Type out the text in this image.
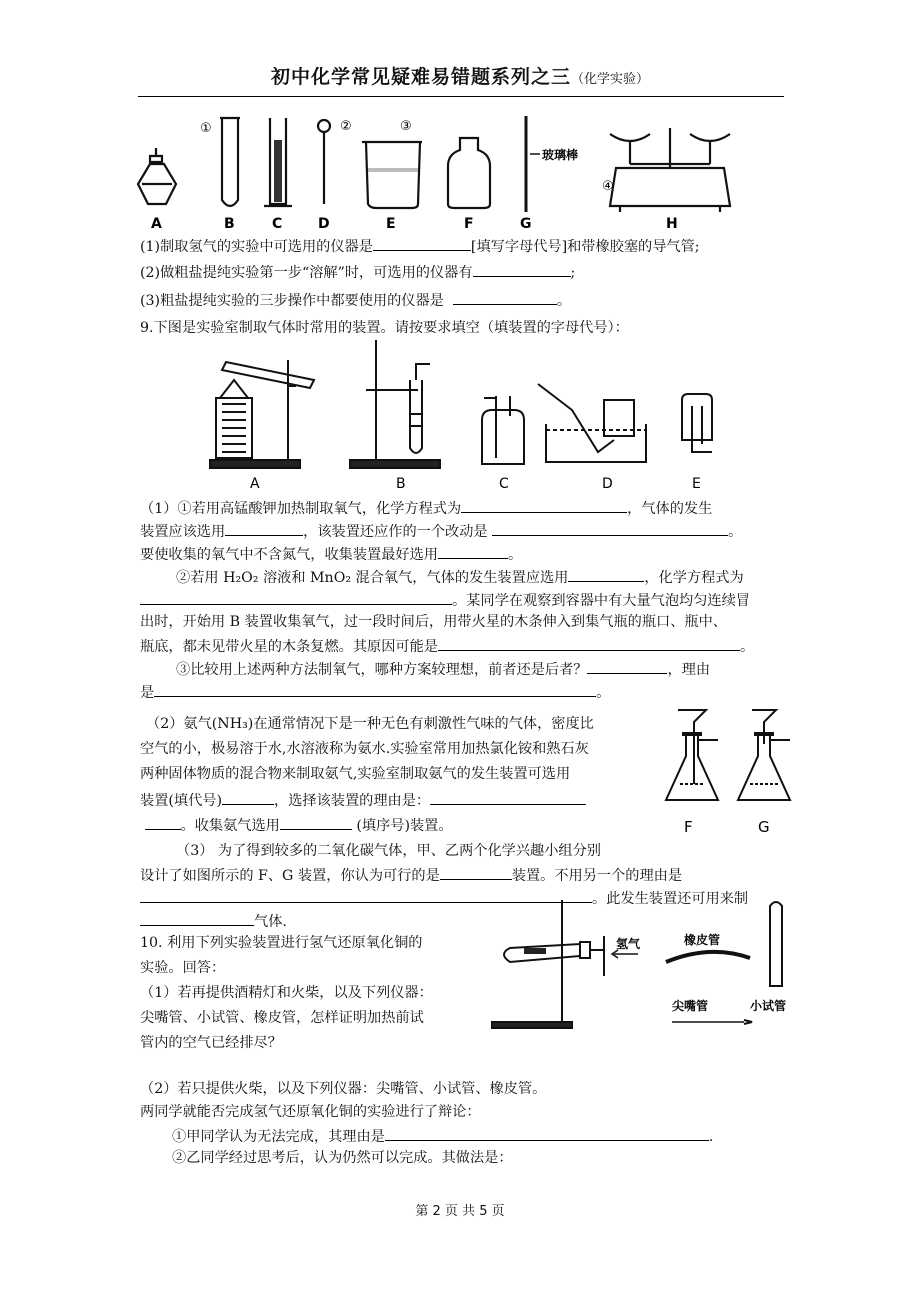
初中化学常见疑难易错题系列之三（化学实验）
①	②	③
④
玻璃棒
A	B	C	D	E	F	G	H
(1)制取氢气的实验中可选用的仪器是	[填写字母代号]和带橡胶塞的导气管;
(2)做粗盐提纯实验第一步“溶解”时，可选用的仪器有	;
(3)粗盐提纯实验的三步操作中都要使用的仪器是	。
9.下图是实验室制取气体时常用的装置。请按要求填空（填装置的字母代号）：
A	B	C	D	E
（1）①若用高锰酸钾加热制取氧气，化学方程式为	，气体的发生
装置应该选用	，该装置还应作的一个改动是	。
要使收集的氧气中不含氮气，收集装置最好选用	。
②若用 H₂O₂ 溶液和 MnO₂ 混合氧气，气体的发生装置应选用	，化学方程式为
。某同学在观察到容器中有大量气泡均匀连续冒
出时，开始用 B 装置收集氧气，过一段时间后，用带火星的木条伸入到集气瓶的瓶口、瓶中、
瓶底，都未见带火星的木条复燃。其原因可能是	。
③比较用上述两种方法制氧气，哪种方案较理想，前者还是后者？	，理由
是	。
（2）氨气(NH₃)在通常情况下是一种无色有刺激性气味的气体，密度比
空气的小，极易溶于水,水溶液称为氨水.实验室常用加热氯化铵和熟石灰
两种固体物质的混合物来制取氨气,实验室制取氨气的发生装置可选用
装置(填代号)	，选择该装置的理由是：
。收集氨气选用	(填序号)装置。	F	G
（3） 为了得到较多的二氧化碳气体，甲、乙两个化学兴趣小组分别
设计了如图所示的 F、G 装置，你认为可行的是	装置。不用另一个的理由是
。此发生装置还可用来制
气体.
10. 利用下列实验装置进行氢气还原氧化铜的
实验。回答：
（1）若再提供酒精灯和火柴，以及下列仪器：
尖嘴管、小试管、橡皮管，怎样证明加热前试
管内的空气已经排尽？
氢气	橡皮管
尖嘴管	小试管
（2）若只提供火柴，以及下列仪器：尖嘴管、小试管、橡皮管。
两同学就能否完成氢气还原氧化铜的实验进行了辩论：
①甲同学认为无法完成，其理由是	.
②乙同学经过思考后，认为仍然可以完成。其做法是：
第 2 页 共 5 页
